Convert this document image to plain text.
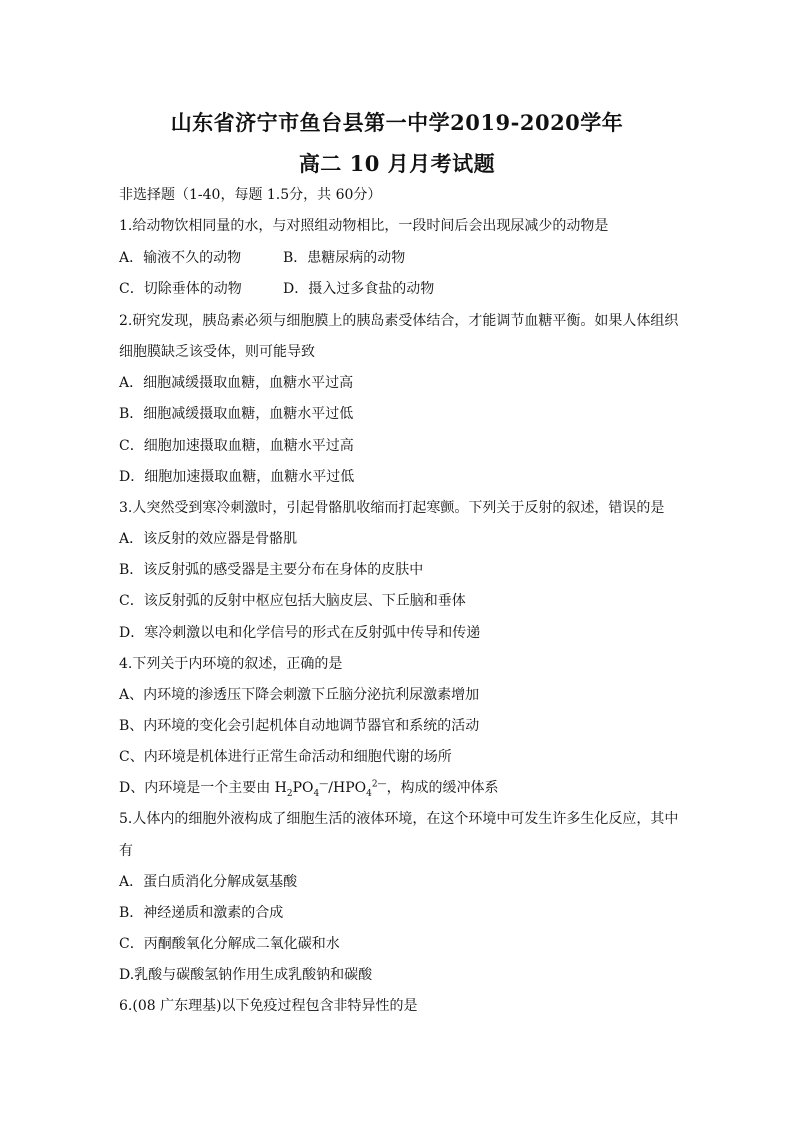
山东省济宁市鱼台县第一中学2019-2020学年
高二 10 月月考试题
非选择题（1-40，每题 1.5分，共 60分）
1.给动物饮相同量的水，与对照组动物相比，一段时间后会出现尿减少的动物是
A．输液不久的动物	B．患糖尿病的动物
C．切除垂体的动物	D．摄入过多食盐的动物
2.研究发现，胰岛素必须与细胞膜上的胰岛素受体结合，才能调节血糖平衡。如果人体组织
细胞膜缺乏该受体，则可能导致
A．细胞减缓摄取血糖，血糖水平过高
B．细胞减缓摄取血糖，血糖水平过低
C．细胞加速摄取血糖，血糖水平过高
D．细胞加速摄取血糖，血糖水平过低
3.人突然受到寒冷刺激时，引起骨骼肌收缩而打起寒颤。下列关于反射的叙述，错误的是
A．该反射的效应器是骨骼肌
B．该反射弧的感受器是主要分布在身体的皮肤中
C．该反射弧的反射中枢应包括大脑皮层、下丘脑和垂体
D．寒冷刺激以电和化学信号的形式在反射弧中传导和传递
4.下列关于内环境的叙述，正确的是
A、内环境的渗透压下降会刺激下丘脑分泌抗利尿激素增加
B、内环境的变化会引起机体自动地调节器官和系统的活动
C、内环境是机体进行正常生命活动和细胞代谢的场所
D、内环境是一个主要由 $H_2PO_4^—/HPO_4^{2—}$，构成的缓冲体系
5.人体内的细胞外液构成了细胞生活的液体环境，在这个环境中可发生许多生化反应，其中
有
A．蛋白质消化分解成氨基酸
B．神经递质和激素的合成
C．丙酮酸氧化分解成二氧化碳和水
D.乳酸与碳酸氢钠作用生成乳酸钠和碳酸
6.(08 广东理基)以下免疫过程包含非特异性的是
